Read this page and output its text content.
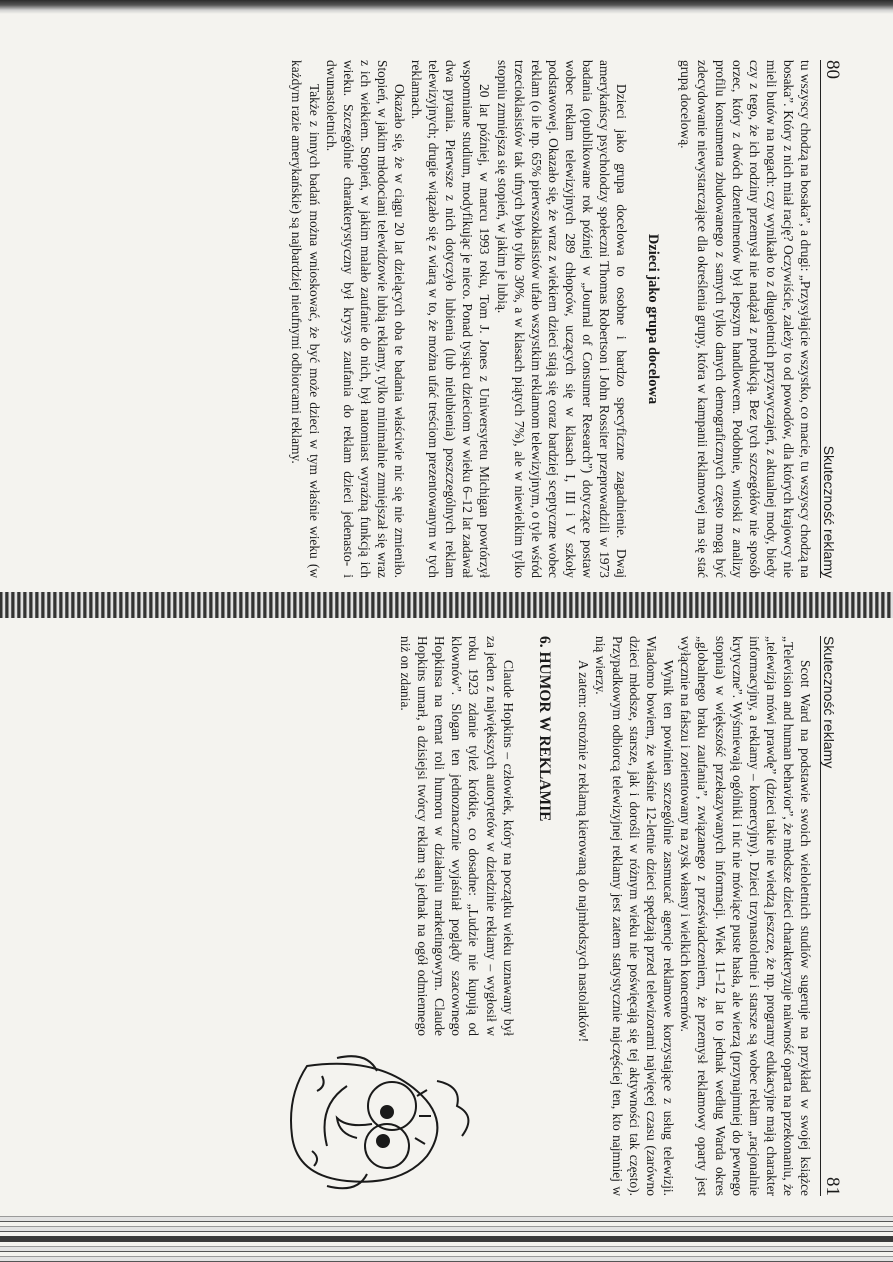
80
Skuteczność reklamy

tu wszyscy chodzą na bosaka”, a drugi: „Przysyłajcie wszystko, co macie, tu wszyscy chodzą na bosaka”. Który z nich miał rację? Oczywiście, zależy to od powodów, dla których krajowcy nie mieli butów na nogach: czy wynikało to z długoletnich przyzwyczajeń, z aktualnej mody, biedy czy z tego, że ich rodziny przemysł nie nadążał z produkcją. Bez tych szczegółów nie sposób orzec, który z dwóch dzentelmenów był lepszym handlowcem. Podobnie, wnioski z analizy profilu konsumenta zbudowanego z samych tylko danych demograficznych często mogą być zdecydowanie niewystarczające dla określenia grupy, która w kampanii reklamowej ma się stać grupą docelową.

Dzieci jako grupa docelowa

Dzieci jako grupa docelowa to osobne i bardzo specyficzne zagadnienie. Dwaj amerykańscy psycholodzy społeczni Thomas Robertson i John Rossiter przeprowadzili w 1973 badania (opublikowane rok później w „Journal of Consumer Research”) dotyczące postaw wobec reklam telewizyjnych 289 chłopców, uczących się w klasach I, III i V szkoły podstawowej. Okazało się, że wraz z wiekiem dzieci stają się coraz bardziej sceptyczne wobec reklam (o ile np. 65% pierwszoklasistów ufało wszystkim reklamom telewizyjnym, o tyle wśród trzecioklasistów tak ufnych było tylko 30%, a w klasach piątych 7%), ale w niewielkim tylko stopniu zmniejsza się stopień, w jakim je lubią.

20 lat później, w marcu 1993 roku, Tom J. Jones z Uniwersytetu Michigan powtórzył wspomniane studium, modyfikując je nieco. Ponad tysiącu dzieciom w wieku 6–12 lat zadawał dwa pytania. Pierwsze z nich dotyczyło lubienia (lub nielubienia) poszczególnych reklam telewizyjnych; drugie wiązało się z wiarą w to, że można ufać treściom prezentowanym w tych reklamach.

Okazało się, że w ciągu 20 lat dzielących oba te badania właściwie nic się nie zmieniło. Stopień, w jakim młodociani telewidzowie lubią reklamy, tylko minimalnie zmniejszał się wraz z ich wiekiem. Stopień, w jakim malało zaufanie do nich, był natomiast wyraźną funkcją ich wieku. Szczególnie charakterystyczny był kryzys zaufania do reklam dzieci jedenasto- i dwunastoletnich.

Także z innych badań można wnioskować, że być może dzieci w tym właśnie wieku (w każdym razie amerykańskie) są najbardziej nieufnymi odbiorcami reklamy.

Skuteczność reklamy
81

Scott Ward na podstawie swoich wieloletnich studiów sugeruje na przykład w swojej książce „Television and human behavior”, że młodsze dzieci charakteryzuje naiwność oparta na przekonaniu, że „telewizja mówi prawdę” (dzieci takie nie wiedzą jeszcze, że np. programy edukacyjne mają charakter informacyjny, a reklamy – komercyjny). Dzieci trzynastoletnie i starsze są wobec reklam „racjonalnie krytyczne”. Wyśmiewają ogólniki i nic nie mówiące puste hasła, ale wierzą (przynajmniej do pewnego stopnia) w większość przekazywanych informacji. Wiek 11–12 lat to jednak według Warda okres „globalnego braku zaufania”, związanego z przeświadczeniem, że przemysł reklamowy oparty jest wyłącznie na fałszu i zorientowany na zysk własny i wielkich koncernów.

Wynik ten powinien szczególnie zasmucać agencje reklamowe korzystające z usług telewizji. Wiadomo bowiem, że właśnie 12-letnie dzieci spędzają przed telewizorami najwięcej czasu (zarówno dzieci młodsze, starsze, jak i dorośli w różnym wieku nie poświęcają się tej aktywności tak często). Przypadkowym odbiorcą telewizyjnej reklamy jest zatem statystycznie najczęściej ten, kto najmniej w nią wierzy.

A zatem: ostrożnie z reklamą kierowaną do najmłodszych nastolatków!

6. HUMOR W REKLAMIE

Claude Hopkins – człowiek, który na początku wieku uznawany był za jeden z największych autorytetów w dziedzinie reklamy – wygłosił w roku 1923 zdanie tyleż krótkie, co dosadne: „Ludzie nie kupują od klownów”. Slogan ten jednoznacznie wyjaśniał poglądy szacownego Hopkinsa na temat roli humoru w działaniu marketingowym. Claude Hopkins umarł, a dzisiejsi twórcy reklam są jednak na ogół odmiennego niż on zdania.
